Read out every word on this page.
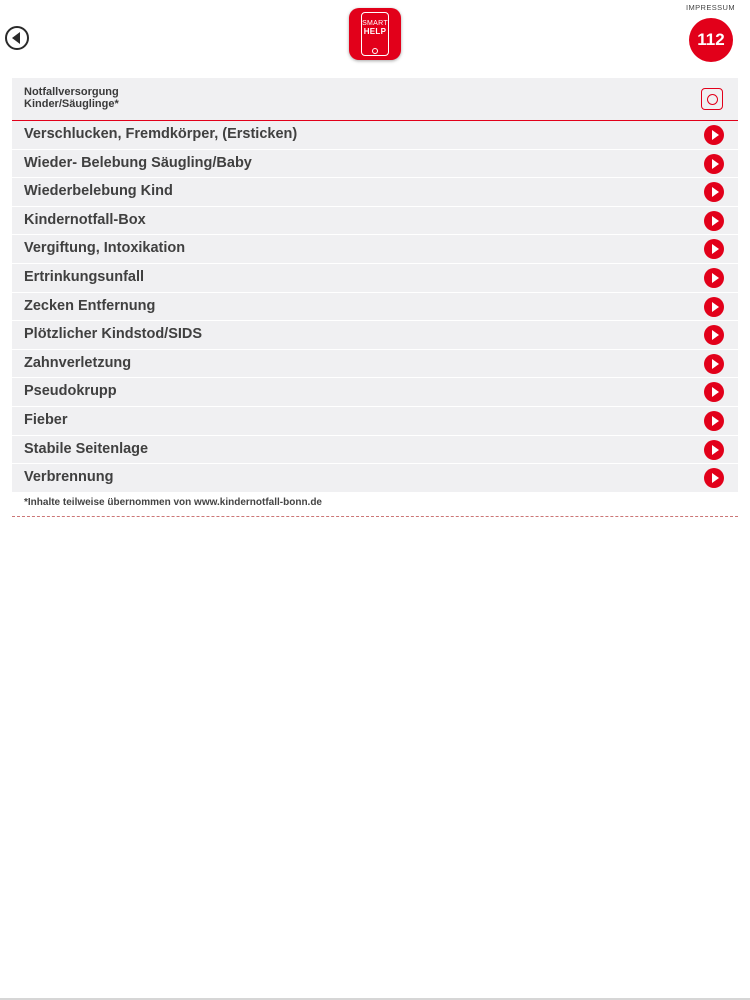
SMART
HELP
IMPRESSUM
112
Notfallversorgung
Kinder/Säuglinge*
Verschlucken, Fremdkörper, (Ersticken)
Wieder- Belebung Säugling/Baby
Wiederbelebung Kind
Kindernotfall-Box
Vergiftung, Intoxikation
Ertrinkungsunfall
Zecken Entfernung
Plötzlicher Kindstod/SIDS
Zahnverletzung
Pseudokrupp
Fieber
Stabile Seitenlage
Verbrennung
*Inhalte teilweise übernommen von www.kindernotfall-bonn.de
